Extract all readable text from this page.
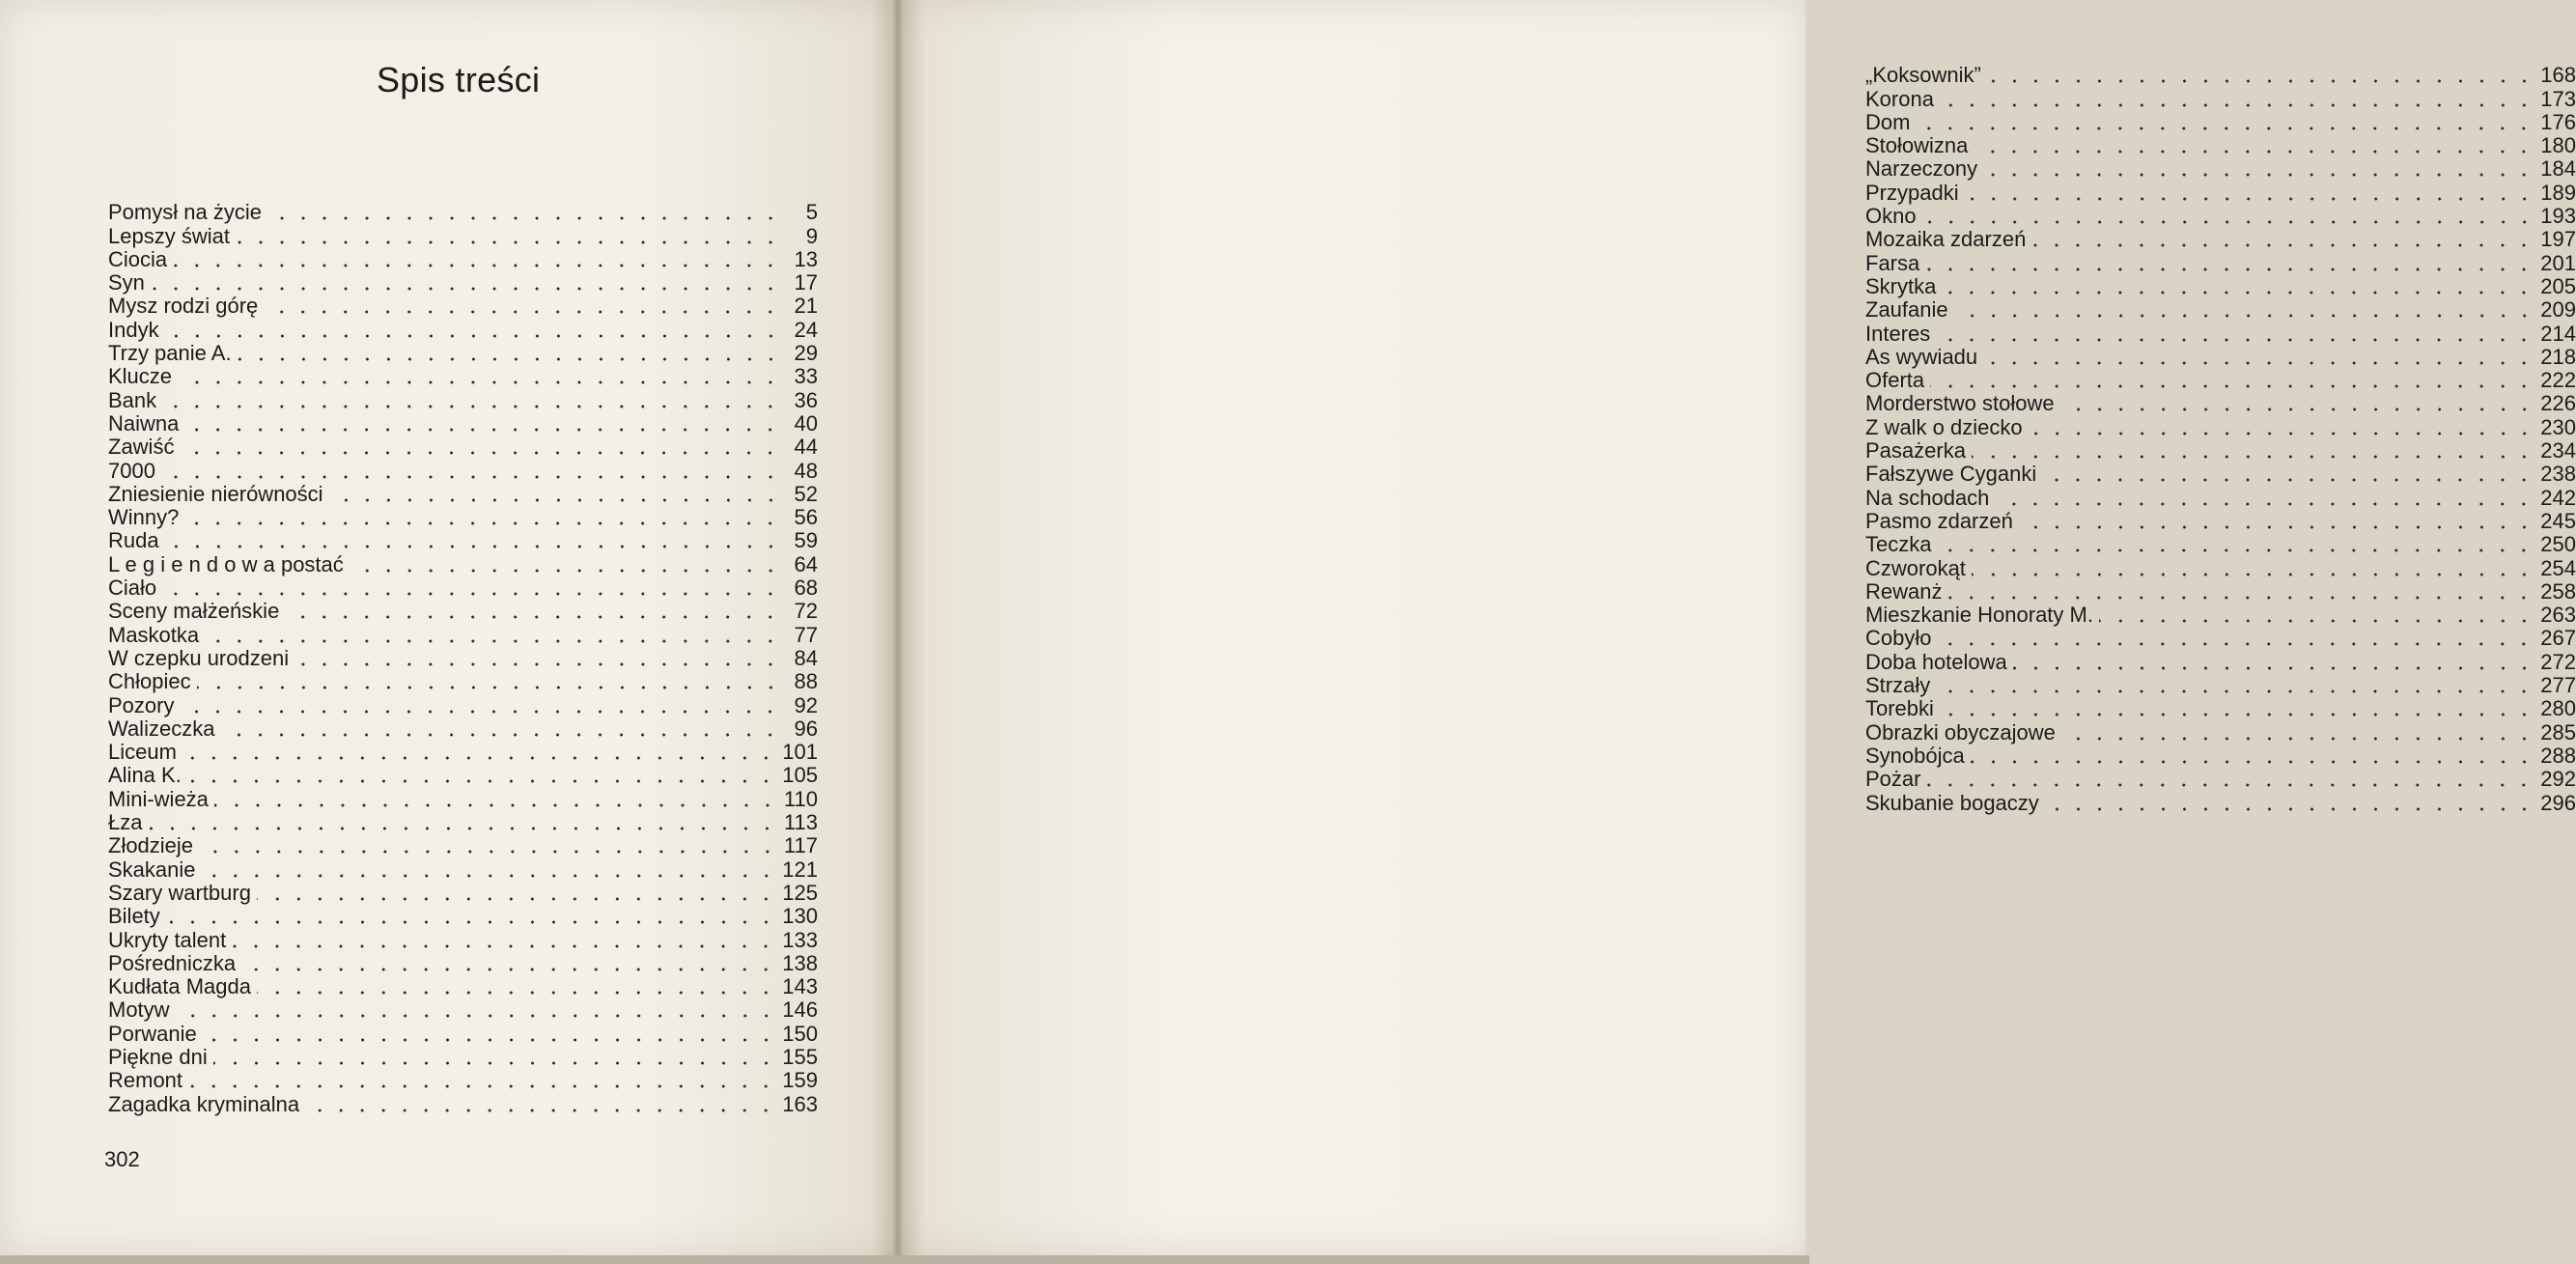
Spis treści
Pomysł na życie	5
Lepszy świat	9
Ciocia	13
Syn	17
Mysz rodzi górę	21
Indyk	24
Trzy panie A.	29
Klucze	33
Bank	36
Naiwna	40
Zawiść	44
7000	48
Zniesienie nierówności	52
Winny?	56
Ruda	59
L e g i e n d o w a postać	64
Ciało	68
Sceny małżeńskie	72
Maskotka	77
W czepku urodzeni	84
Chłopiec	88
Pozory	92
Walizeczka	96
Liceum	101
Alina K.	105
Mini-wieża	110
Łza	113
Złodzieje	117
Skakanie	121
Szary wartburg	125
Bilety	130
Ukryty talent	133
Pośredniczka	138
Kudłata Magda	143
Motyw	146
Porwanie	150
Piękne dni	155
Remont	159
Zagadka kryminalna	163
302
„Koksownik”	168
Korona	173
Dom	176
Stołowizna	180
Narzeczony	184
Przypadki	189
Okno	193
Mozaika zdarzeń	197
Farsa	201
Skrytka	205
Zaufanie	209
Interes	214
As wywiadu	218
Oferta	222
Morderstwo stołowe	226
Z walk o dziecko	230
Pasażerka	234
Fałszywe Cyganki	238
Na schodach	242
Pasmo zdarzeń	245
Teczka	250
Czworokąt	254
Rewanż	258
Mieszkanie Honoraty M.	263
Cobyło	267
Doba hotelowa	272
Strzały	277
Torebki	280
Obrazki obyczajowe	285
Synobójca	288
Pożar	292
Skubanie bogaczy	296
